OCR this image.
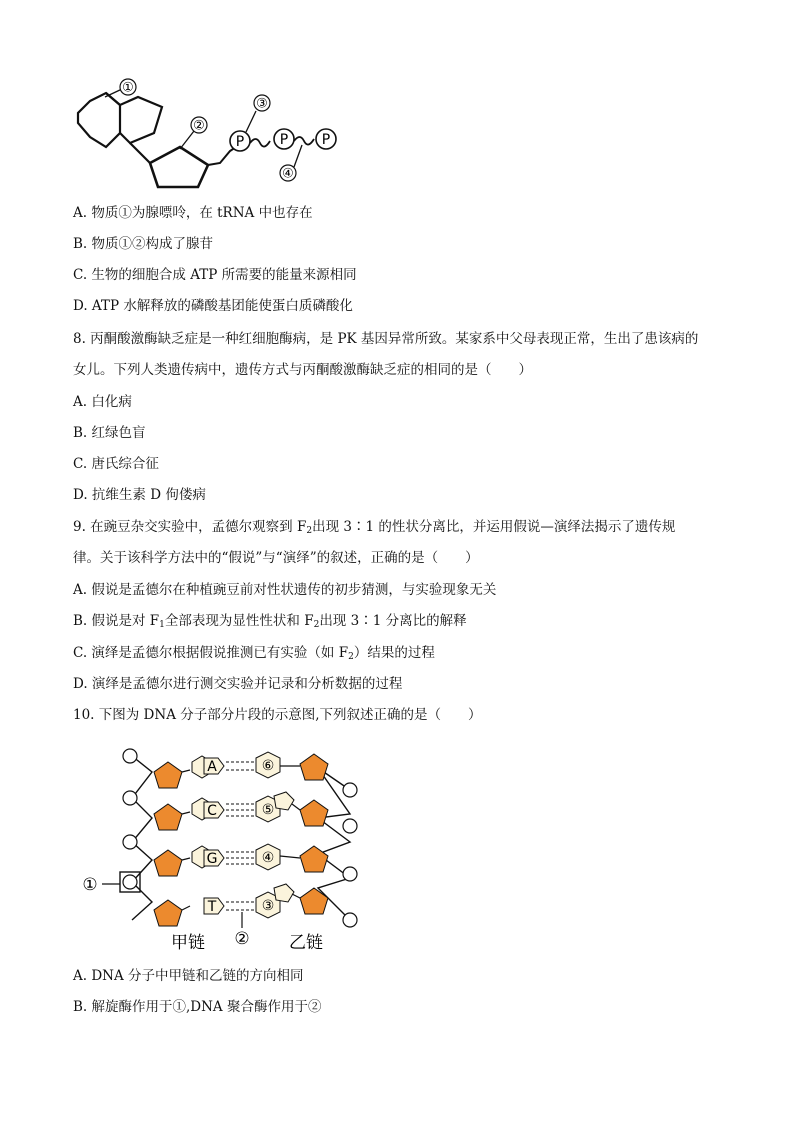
①
②
P	P P
③
④
A. 物质①为腺嘌呤，在 tRNA 中也存在
B. 物质①②构成了腺苷
C. 生物的细胞合成 ATP 所需要的能量来源相同
D. ATP 水解释放的磷酸基团能使蛋白质磷酸化
8. 丙酮酸激酶缺乏症是一种红细胞酶病，是 PK 基因异常所致。某家系中父母表现正常，生出了患该病的
女儿。下列人类遗传病中，遗传方式与丙酮酸激酶缺乏症的相同的是（　　）
A. 白化病
B. 红绿色盲
C. 唐氏综合征
D. 抗维生素 D 佝偻病
9. 在豌豆杂交实验中，孟德尔观察到 $F_2$出现 3∶1 的性状分离比，并运用假说—演绎法揭示了遗传规
律。关于该科学方法中的“假说”与“演绎”的叙述，正确的是（　　）
A. 假说是孟德尔在种植豌豆前对性状遗传的初步猜测，与实验现象无关
B. 假说是对 $F_1$全部表现为显性性状和 $F_2$出现 3∶1 分离比的解释
C. 演绎是孟德尔根据假说推测已有实验（如 $F_2$）结果的过程
D. 演绎是孟德尔进行测交实验并记录和分析数据的过程
10. 下图为 DNA 分子部分片段的示意图,下列叙述正确的是（　　）
A
C
G
T
⑥
⑤
④
③
①
②
甲链	乙链
A. DNA 分子中甲链和乙链的方向相同
B. 解旋酶作用于①,DNA 聚合酶作用于②
